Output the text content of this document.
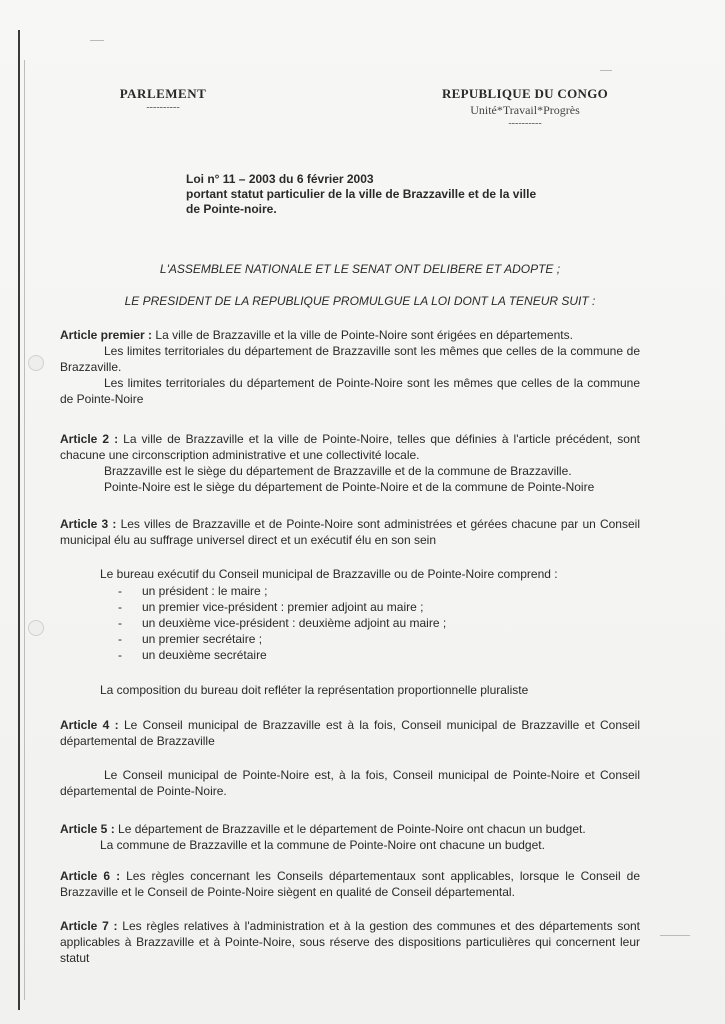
PARLEMENT
----------
REPUBLIQUE DU CONGO
Unité*Travail*Progrès
----------
Loi n° 11 – 2003 du 6 février 2003
portant statut particulier de la ville de Brazzaville et de la ville
de Pointe-noire.
L'ASSEMBLEE NATIONALE ET LE SENAT ONT DELIBERE ET ADOPTE ;
LE PRESIDENT DE LA REPUBLIQUE PROMULGUE LA LOI DONT LA TENEUR SUIT :
Article premier : La ville de Brazzaville et la ville de Pointe-Noire sont érigées en départements.
Les limites territoriales du département de Brazzaville sont les mêmes que celles de la commune de Brazzaville.
Les limites territoriales du département de Pointe-Noire sont les mêmes que celles de la commune de Pointe-Noire
Article 2 : La ville de Brazzaville et la ville de Pointe-Noire, telles que définies à l'article précédent, sont chacune une circonscription administrative et une collectivité locale.
Brazzaville est le siège du département de Brazzaville et de la commune de Brazzaville.
Pointe-Noire est le siège du département de Pointe-Noire et de la commune de Pointe-Noire
Article 3 : Les villes de Brazzaville et de Pointe-Noire sont administrées et gérées chacune par un Conseil municipal élu au suffrage universel direct et un exécutif élu en son sein
Le bureau exécutif du Conseil municipal de Brazzaville ou de Pointe-Noire comprend :
-	un président : le maire ;
-	un premier vice-président : premier adjoint au maire ;
-	un deuxième vice-président : deuxième adjoint au maire ;
-	un premier secrétaire ;
-	un deuxième secrétaire
La composition du bureau doit refléter la représentation proportionnelle pluraliste
Article 4 : Le Conseil municipal de Brazzaville est à la fois, Conseil municipal de Brazzaville et Conseil départemental de Brazzaville
Le Conseil municipal de Pointe-Noire est, à la fois, Conseil municipal de Pointe-Noire et Conseil départemental de Pointe-Noire.
Article 5 : Le département de Brazzaville et le département de Pointe-Noire ont chacun un budget.
La commune de Brazzaville et la commune de Pointe-Noire ont chacune un budget.
Article 6 : Les règles concernant les Conseils départementaux sont applicables, lorsque le Conseil de Brazzaville et le Conseil de Pointe-Noire siègent en qualité de Conseil départemental.
Article 7 : Les règles relatives à l'administration et à la gestion des communes et des départements sont applicables à Brazzaville et à Pointe-Noire, sous réserve des dispositions particulières qui concernent leur statut
